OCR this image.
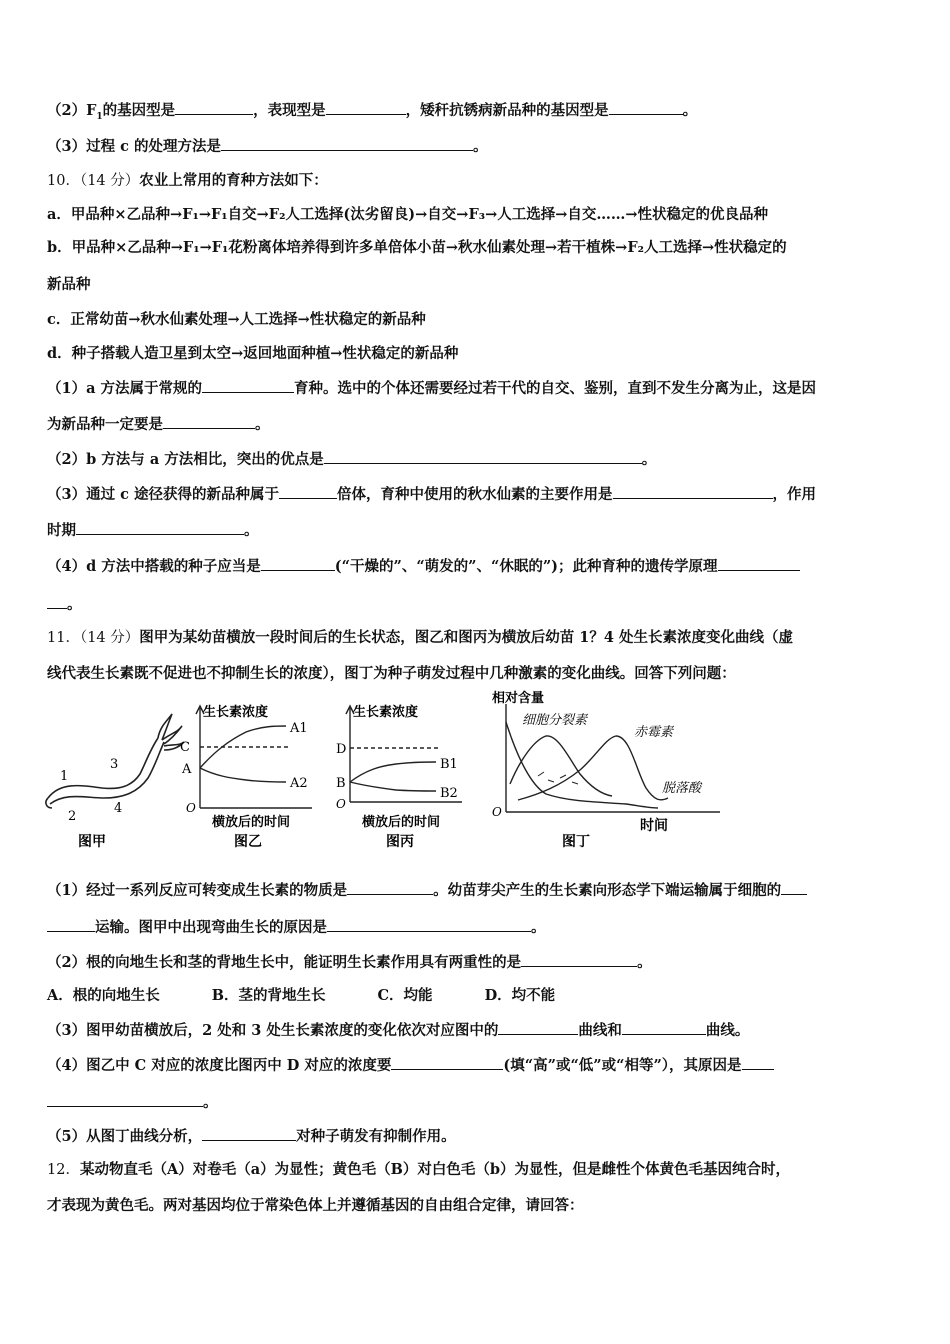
$(2)F_1$的基因型是	，表现型是	，矮秆抗锈病新品种的基因型是	。
（3）过程 c 的处理方法是	。
10．（14 分）农业上常用的育种方法如下：
a．甲品种×乙品种→F₁→F₁自交→F₂人工选择(汰劣留良)→自交→F₃→人工选择→自交……→性状稳定的优良品种
b．甲品种×乙品种→F₁→F₁花粉离体培养得到许多单倍体小苗→秋水仙素处理→若干植株→F₂人工选择→性状稳定的
新品种
c．正常幼苗→秋水仙素处理→人工选择→性状稳定的新品种
d．种子搭载人造卫星到太空→返回地面种植→性状稳定的新品种
（1）a 方法属于常规的	育种。选中的个体还需要经过若干代的自交、鉴别，直到不发生分离为止，这是因
为新品种一定要是	。
（2）b 方法与 a 方法相比，突出的优点是	。
（3）通过 c 途径获得的新品种属于	倍体，育种中使用的秋水仙素的主要作用是	，作用
时期	。
（4）d 方法中搭载的种子应当是	(“干燥的”、“萌发的”、“休眠的”)；此种育种的遗传学原理
。
11．（14 分）图甲为某幼苗横放一段时间后的生长状态，图乙和图丙为横放后幼苗 1？4 处生长素浓度变化曲线（虚
线代表生长素既不促进也不抑制生长的浓度），图丁为种子萌发过程中几种激素的变化曲线。回答下列问题：
1
2
3
4
图甲
生长素浓度
C
A
A1
A2
O
横放后的时间
图乙
生长素浓度
D
B
B1
B2
O
横放后的时间
图丙
相对含量
细胞分裂素
赤霉素
脱落酸
O
时间
图丁
（1）经过一系列反应可转变成生长素的物质是	。幼苗芽尖产生的生长素向形态学下端运输属于细胞的
运输。图甲中出现弯曲生长的原因是	。
（2）根的向地生长和茎的背地生长中，能证明生长素作用具有两重性的是	。
A．根的向地生长	B．茎的背地生长	C．均能	D．均不能
（3）图甲幼苗横放后，2 处和 3 处生长素浓度的变化依次对应图中的	曲线和	曲线。
（4）图乙中 C 对应的浓度比图丙中 D 对应的浓度要	(填“高”或“低”或“相等”），其原因是
。
（5）从图丁曲线分析，	对种子萌发有抑制作用。
12．某动物直毛（A）对卷毛（a）为显性；黄色毛（B）对白色毛（b）为显性，但是雌性个体黄色毛基因纯合时，
才表现为黄色毛。两对基因均位于常染色体上并遵循基因的自由组合定律，请回答：
